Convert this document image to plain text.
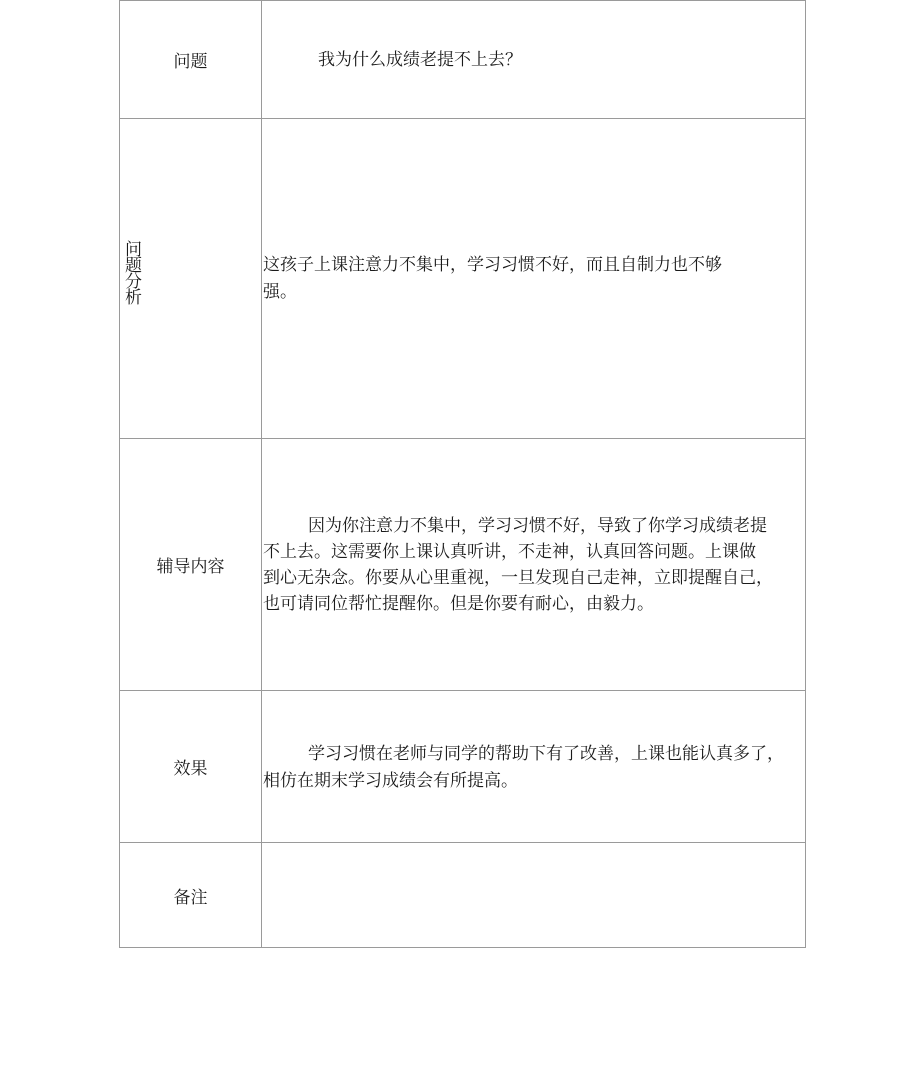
问题	我为什么成绩老提不上去？
问题分析	这孩子上课注意力不集中，学习习惯不好，而且自制力也不够
强。
辅导内容
因为你注意力不集中，学习习惯不好，导致了你学习成绩老提
不上去。这需要你上课认真听讲，不走神，认真回答问题。上课做
到心无杂念。你要从心里重视，一旦发现自己走神，立即提醒自己，
也可请同位帮忙提醒你。但是你要有耐心，由毅力。
效果
学习习惯在老师与同学的帮助下有了改善，上课也能认真多了，
相仿在期末学习成绩会有所提高。
备注
